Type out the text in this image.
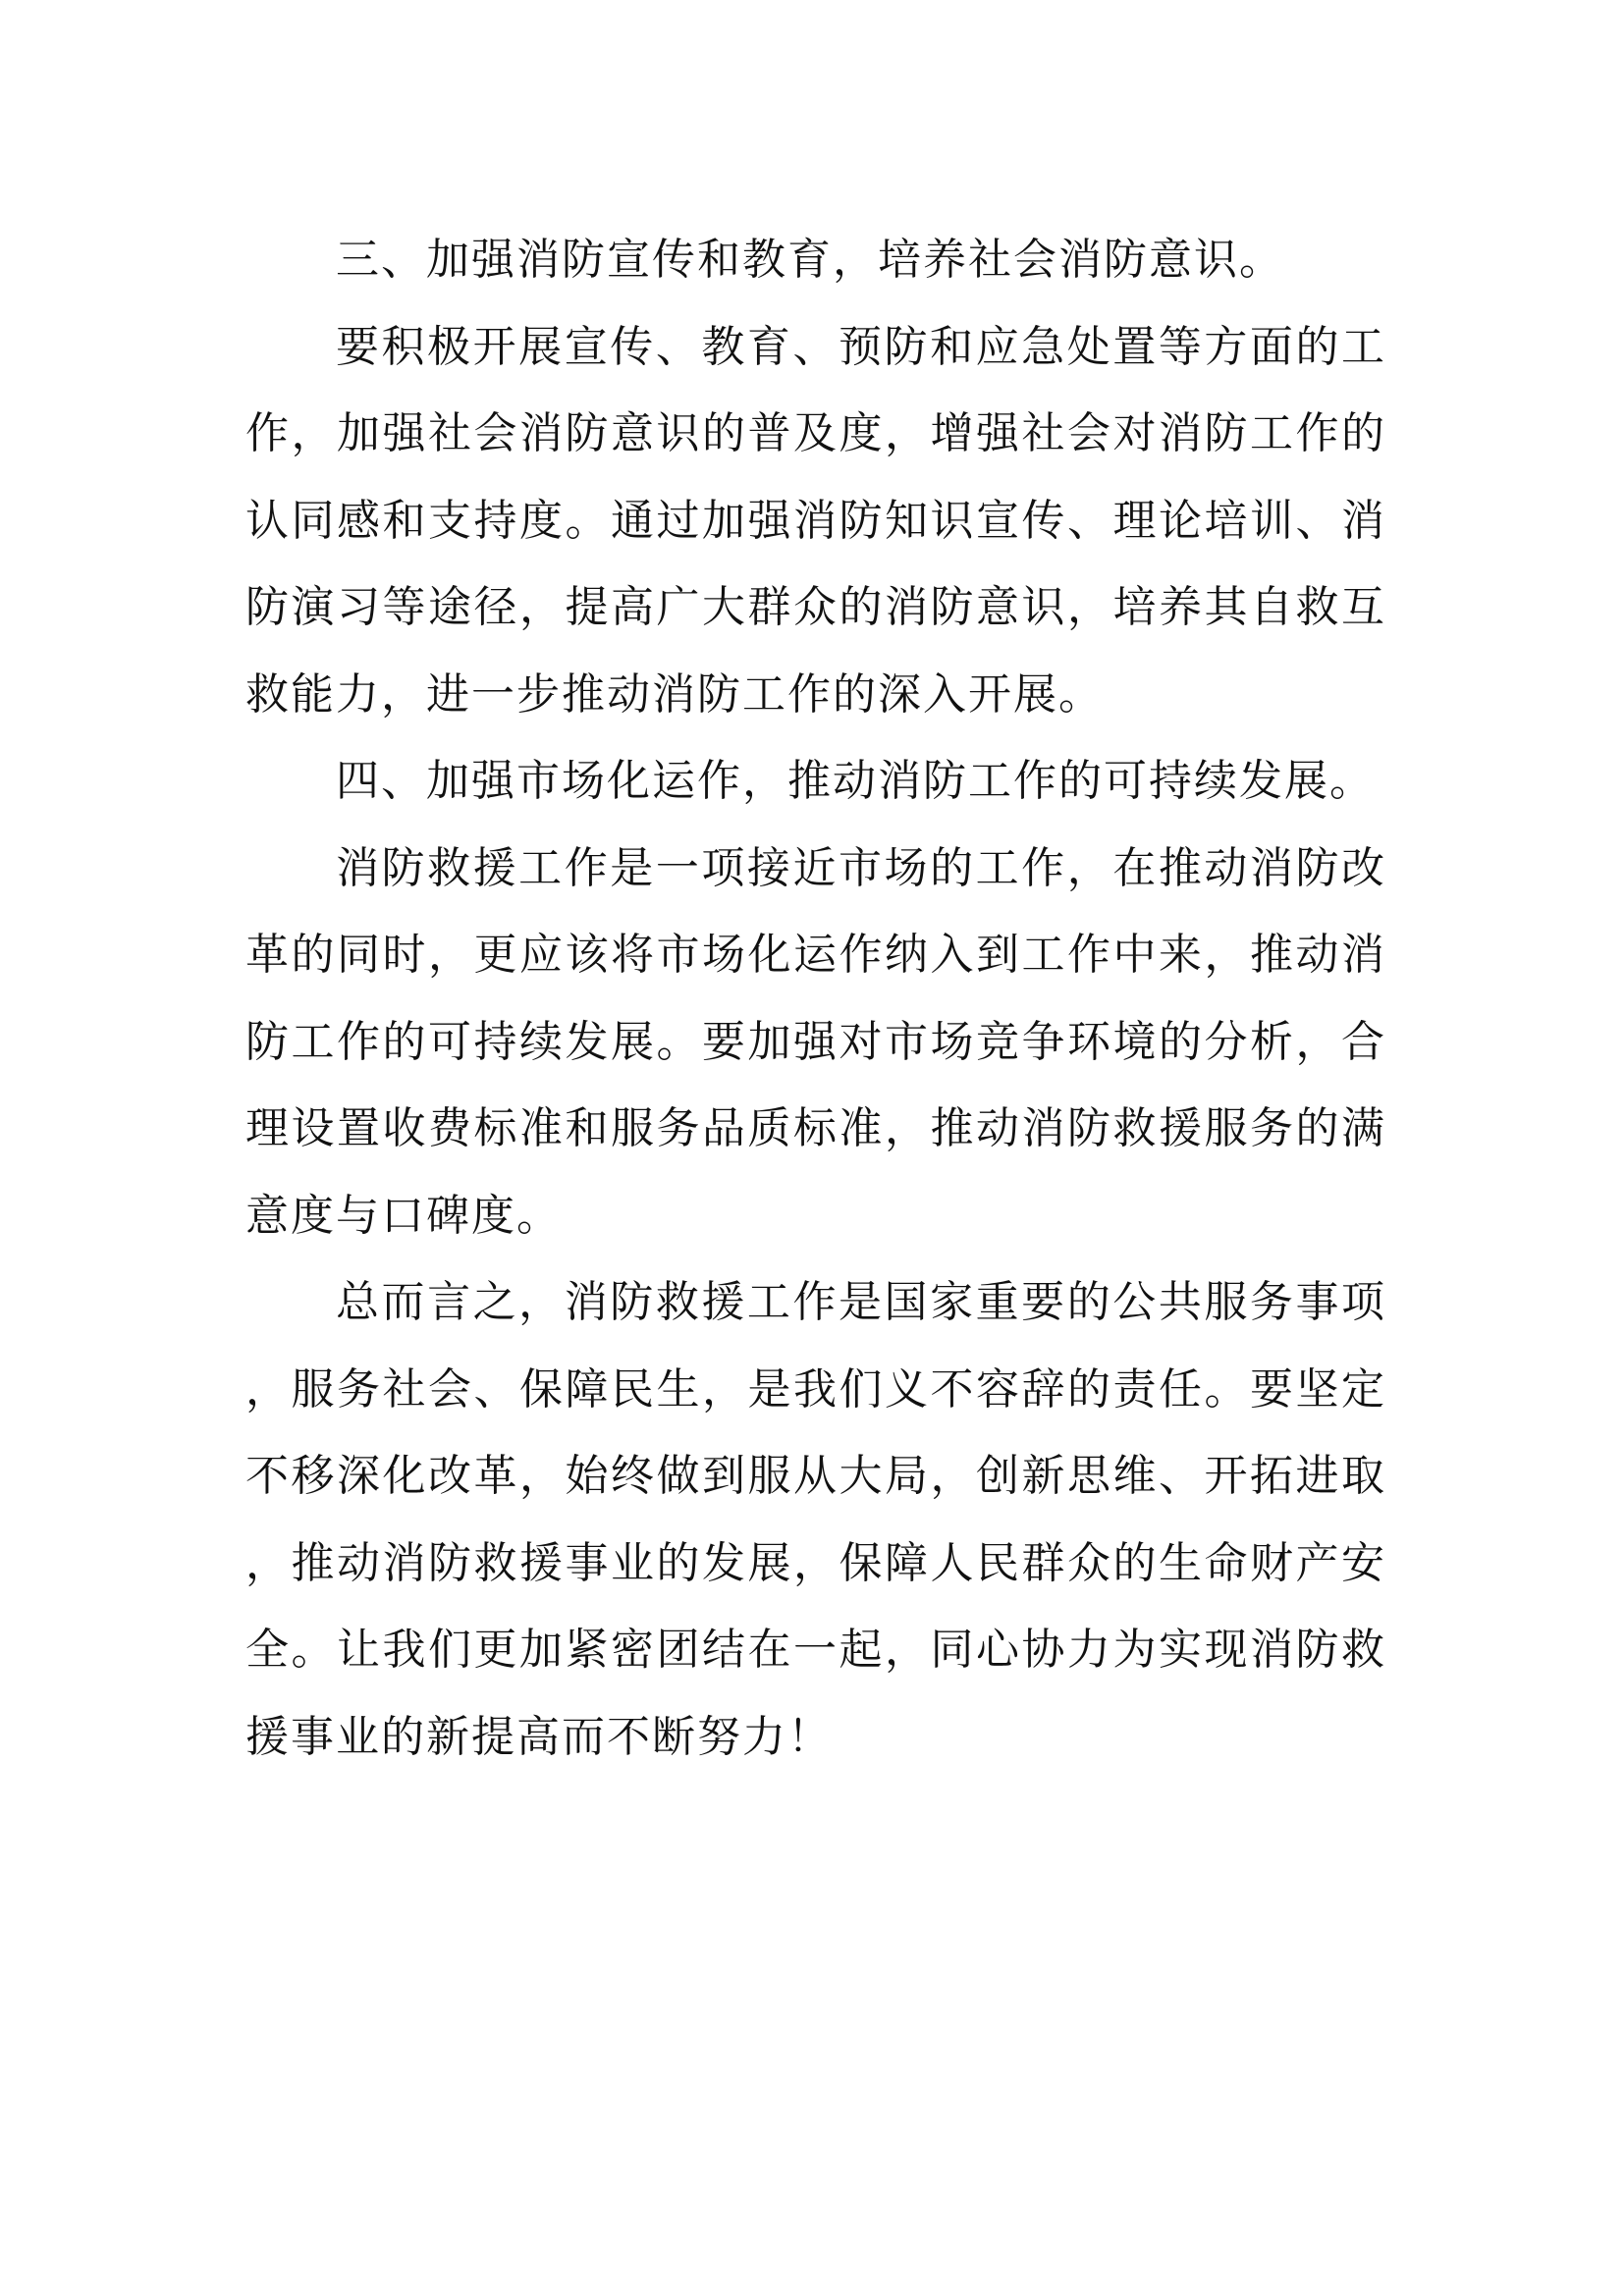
三、加强消防宣传和教育，培养社会消防意识。

要积极开展宣传、教育、预防和应急处置等方面的工作，加强社会消防意识的普及度，增强社会对消防工作的认同感和支持度。通过加强消防知识宣传、理论培训、消防演习等途径，提高广大群众的消防意识，培养其自救互救能力，进一步推动消防工作的深入开展。

四、加强市场化运作，推动消防工作的可持续发展。

消防救援工作是一项接近市场的工作，在推动消防改革的同时，更应该将市场化运作纳入到工作中来，推动消防工作的可持续发展。要加强对市场竞争环境的分析，合理设置收费标准和服务品质标准，推动消防救援服务的满意度与口碑度。

总而言之，消防救援工作是国家重要的公共服务事项，服务社会、保障民生，是我们义不容辞的责任。要坚定不移深化改革，始终做到服从大局，创新思维、开拓进取，推动消防救援事业的发展，保障人民群众的生命财产安全。让我们更加紧密团结在一起，同心协力为实现消防救援事业的新提高而不断努力！
